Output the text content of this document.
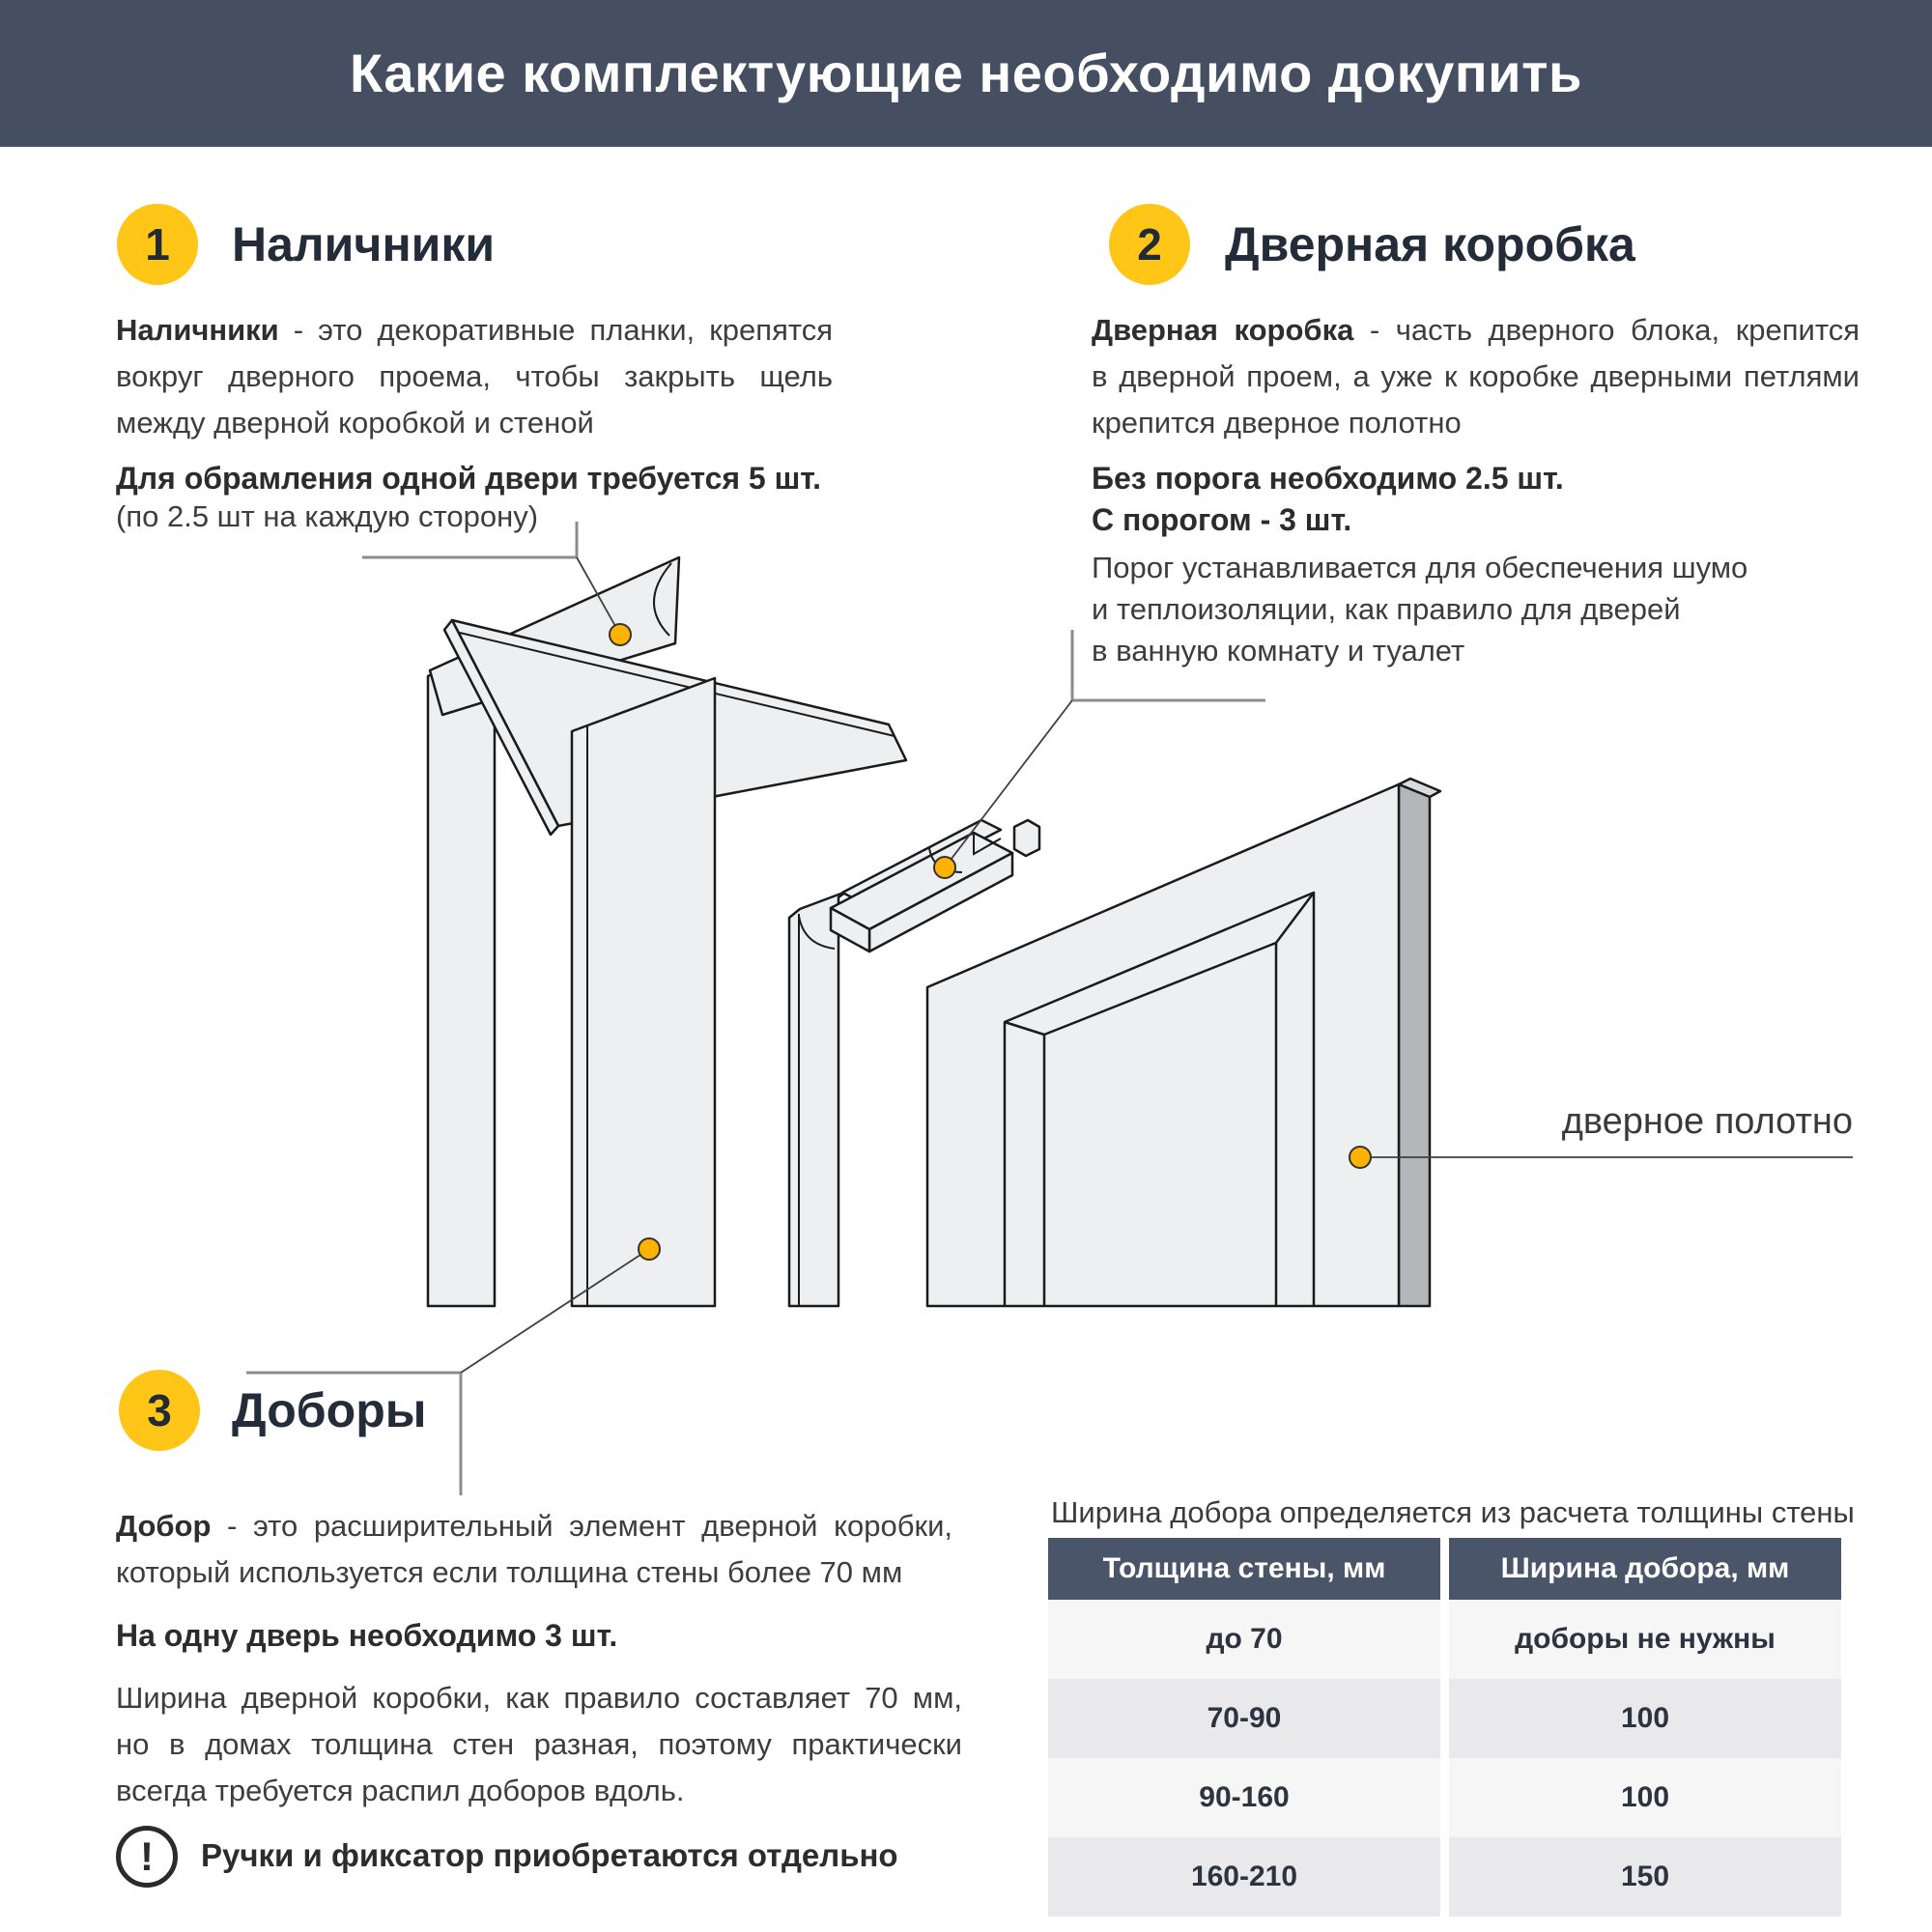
Какие комплектующие необходимо докупить
1 Наличники
Наличники - это декоративные планки, крепятся
вокруг дверного проема, чтобы закрыть щель
между дверной коробкой и стеной
Для обрамления одной двери требуется 5 шт.
(по 2.5 шт на каждую сторону)
2 Дверная коробка
Дверная коробка - часть дверного блока, крепится
в дверной проем, а уже к коробке дверными петлями
крепится дверное полотно
Без порога необходимо 2.5 шт.
С порогом - 3 шт.
Порог устанавливается для обеспечения шумо
и теплоизоляции, как правило для дверей
в ванную комнату и туалет
дверное полотно
3 Доборы
Добор - это расширительный элемент дверной коробки,
который используется если толщина стены более 70 мм
На одну дверь необходимо 3 шт.
Ширина дверной коробки, как правило составляет 70 мм,
но в домах толщина стен разная, поэтому практически
всегда требуется распил доборов вдоль.
! Ручки и фиксатор приобретаются отдельно
Ширина добора определяется из расчета толщины стены
Толщина стены, мм	Ширина добора, мм
до 70	доборы не нужны
70-90	100
90-160	100
160-210	150
